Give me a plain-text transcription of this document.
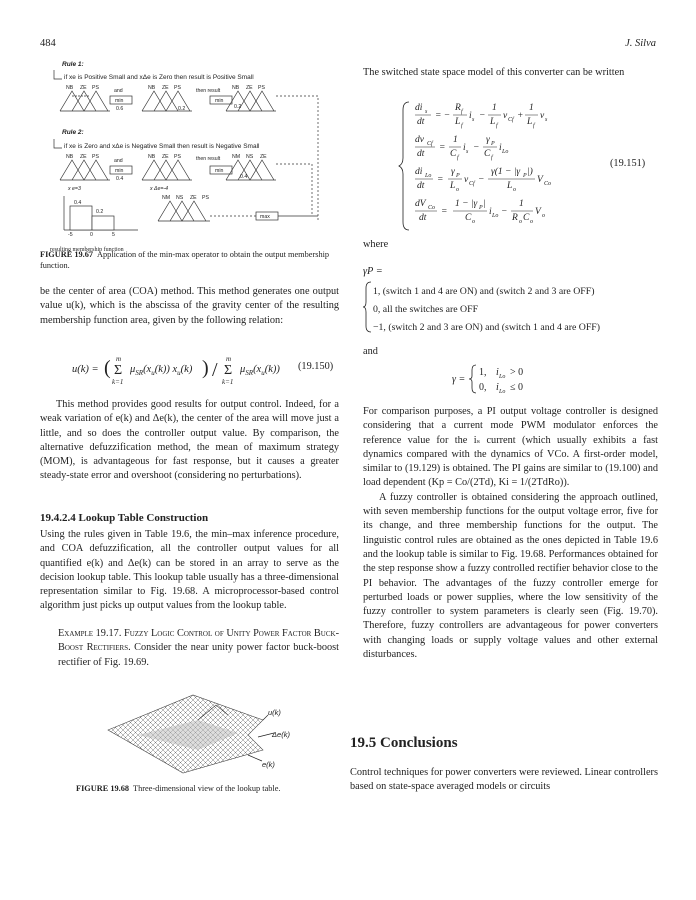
484	J. Silva
Rule 1:
if xe is Positive Small and xΔe is Zero then result is Positive Small
Rule 2:
if xe is Zero and xΔe is Negative Small then result is Negative Small
NB ZE PS
min
and
0.6
NB ZE PS	then result
min
0.2
NB ZE PS
0.2
NB ZE PS
and
min
0.4
NB ZE PS	then result
min
NM NS ZE
0.4
x e=3	x Δe=-4
NM NS ZE PS
max
0.4
0.2
-5	0	5
resulting membership function
FIGURE 19.67 Application of the min-max operator to obtain the output membership function.

be the center of area (COA) method. This method generates one output value u(k), which is the abscissa of the gravity center of the resulting membership function area, given by the following relation:

u(k) = ( Σ
m
k=1
$\mu_{SR}(x_u(k))$ $x_u(k)$ ) / Σ
m
k=1
$\mu_{SR}(x_u(k))$ (19.150)

This method provides good results for output control. Indeed, for a weak variation of e(k) and Δe(k), the center of the area will move just a little, and so does the controller output value. By comparison, the alternative defuzzification method, the mean of maximum strategy (MOM), is advantageous for fast response, but it causes a greater steady-state error and overshoot (considering no perturbations).

19.4.2.4 Lookup Table Construction

Using the rules given in Table 19.6, the min–max inference procedure, and COA defuzzification, all the controller output values for all quantified e(k) and Δe(k) can be stored in an array to serve as the decision lookup table. This lookup table usually has a three-dimensional representation similar to Fig. 19.68. A microprocessor-based control algorithm just picks up output values from the lookup table.

Example 19.17. Fuzzy Logic Control of Unity Power Factor Buck-Boost Rectifiers. Consider the near unity power factor buck-boost rectifier of Fig. 19.69.

u(k)
Δe(k)
e(k)
FIGURE 19.68 Three-dimensional view of the lookup table.

The switched state space model of this converter can be written

di s
dt
= −
R f
L f
i s −
1
L f
v Cf +
1
L f
v s
dv Cf
dt
=
1
C f
i s −
γ P
C f
i Lo
di Lo
dt
=
γ P
L o
v Cf −
γ(1 − |γ P |)
L o
V Co
dV Co
dt
=
1 − |γ P |
C o
i Lo −
1
R o C o
V o
(19.151)
where
γP =
1, (switch 1 and 4 are ON) and (switch 2 and 3 are OFF)
0, all the switches are OFF
−1, (switch 2 and 3 are ON) and (switch 1 and 4 are OFF)
and
γ =
1, i Lo > 0
0, i Lo ≤ 0

For comparison purposes, a PI output voltage controller is designed considering that a current mode PWM modulator enforces the reference value for the iₛ current (which usually exhibits a fast dynamics compared with the dynamics of VCo. A first-order model, similar to (19.129) is obtained. The PI gains are similar to (19.100) and load dependent (Kp = Co/(2Td), Ki = 1/(2TdRo)).

A fuzzy controller is obtained considering the approach outlined, with seven membership functions for the output voltage error, five for its change, and three membership functions for the output. The linguistic control rules are obtained as the ones depicted in Table 19.6 and the lookup table is similar to Fig. 19.68. Performances obtained for the step response show a fuzzy controlled rectifier behavior close to the PI behavior. The advantages of the fuzzy controller emerge for perturbed loads or power supplies, where the low sensitivity of the fuzzy controller to system parameters is clearly seen (Fig. 19.70). Therefore, fuzzy controllers are advantageous for power converters with changing loads or supply voltage values and other external disturbances.

19.5 Conclusions

Control techniques for power converters were reviewed. Linear controllers based on state-space averaged models or circuits
